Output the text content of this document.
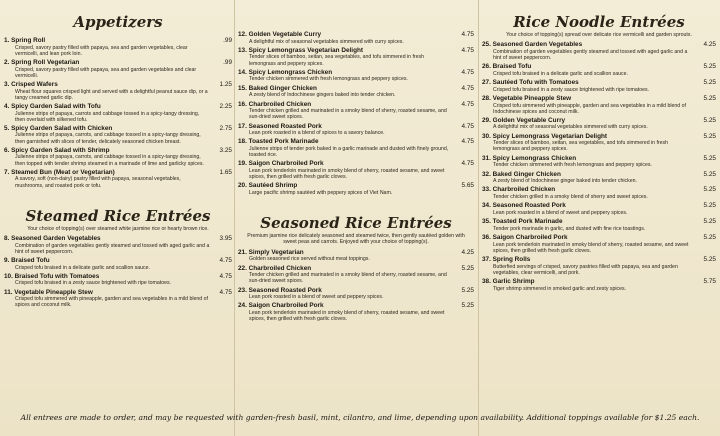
Appetizers
1. Spring Roll	.99
Crisped, savory pastry filled with papaya, sea and garden vegetables, clear vermicelli, and lean pork loin.
2. Spring Roll Vegetarian	.99
Crisped, savory pastry filled with papaya, sea and garden vegetables and clear vermicelli.
3. Crisped Wafers	1.25
Wheat flour squares crisped light and served with a delightful peanut sauce dip, or a tangy creamed garlic dip.
4. Spicy Garden Salad with Tofu	2.25
Julienne strips of papaya, carrots and cabbage tossed in a spicy-tangy dressing, then overlaid with silkened tofu.
5. Spicy Garden Salad with Chicken	2.75
Julienne strips of papaya, carrots, and cabbage tossed in a spicy-tangy dressing, then garnished with slices of tender, delicately seasoned chicken breast.
6. Spicy Garden Salad with Shrimp	3.25
Julienne strips of papaya, carrots, and cabbage tossed in a spicy-tangy dressing, then topped with tender shrimp steamed in a marinade of lime and garlicky spices.
7. Steamed Bun (Meat or Vegetarian)	1.65
A savory, soft (non-dairy) pastry filled with papaya, seasonal vegetables, mushrooms, and roasted pork or tofu.
Steamed Rice Entrées
Your choice of topping(s) over steamed white jasmine rice or hearty brown rice.
8. Seasoned Garden Vegetables	3.95
Combination of garden vegetables gently steamed and tossed with aged garlic and a hint of sweet peppercorn.
9. Braised Tofu	4.75
Crisped tofu braised in a delicate garlic and scallion sauce.
10. Braised Tofu with Tomatoes	4.75
Crisped tofu braised in a zesty sauce brightened with ripe tomatoes.
11. Vegetable Pineapple Stew	4.75
Crisped tofu simmered with pineapple, garden and sea vegetables in a mild blend of spices and coconut milk.
12. Golden Vegetable Curry	4.75
A delightful mix of seasonal vegetables simmered with curry spices.
13. Spicy Lemongrass Vegetarian Delight	4.75
Tender slices of bamboo, seitan, sea vegetables, and tofu simmered in fresh lemongrass and peppery spices.
14. Spicy Lemongrass Chicken	4.75
Tender chicken simmered with fresh lemongrass and peppery spices.
15. Baked Ginger Chicken	4.75
A zesty blend of Indochinese gingers baked into tender chicken.
16. Charbroiled Chicken	4.75
Tender chicken grilled and marinated in a smoky blend of sherry, roasted sesame, and sun-dried sweet spices.
17. Seasoned Roasted Pork	4.75
Lean pork roasted in a blend of spices to a savory balance.
18. Toasted Pork Marinade	4.75
Julienne strips of tender pork baked in a garlic marinade and dusted with finely ground, toasted rice.
19. Saigon Charbroiled Pork	4.75
Lean pork tenderloin marinated in smoky blend of sherry, roasted sesame, and sweet spices, then grilled with fresh garlic cloves.
20. Sautéed Shrimp	5.65
Large pacific shrimp sautéed with peppery spices of Viet Nam.
Seasoned Rice Entrées
Premium jasmine rice delicately seasoned and steamed twice, then gently sautéed golden with sweet peas and carrots. Enjoyed with your choice of topping(s).
21. Simply Vegetarian	4.25
Golden seasoned rice served without meat toppings.
22. Charbroiled Chicken	5.25
Tender chicken grilled and marinated in a smoky blend of sherry, roasted sesame, and sun-dried sweet spices.
23. Seasoned Roasted Pork	5.25
Lean pork roasted in a blend of sweet and peppery spices.
24. Saigon Charbroiled Pork	5.25
Lean pork tenderloin marinated in smoky blend of sherry, roasted sesame, and sweet spices, then grilled with fresh garlic cloves.
Rice Noodle Entrées
Your choice of topping(s) spread over delicate rice vermicelli and garden sprouts.
25. Seasoned Garden Vegetables	4.25
Combination of garden vegetables gently steamed and tossed with aged garlic and a hint of sweet peppercorn.
26. Braised Tofu	5.25
Crisped tofu braised in a delicate garlic and scallion sauce.
27. Sautéed Tofu with Tomatoes	5.25
Crisped tofu braised in a zesty sauce brightened with ripe tomatoes.
28. Vegetable Pineapple Stew	5.25
Crisped tofu simmered with pineapple, garden and sea vegetables in a mild blend of Indochinese spices and coconut milk.
29. Golden Vegetable Curry	5.25
A delightful mix of seasonal vegetables simmered with curry spices.
30. Spicy Lemongrass Vegetarian Delight	5.25
Tender slices of bamboo, seitan, sea vegetables, and tofu simmered in fresh lemongrass and peppery spices.
31. Spicy Lemongrass Chicken	5.25
Tender chicken simmered with fresh lemongrass and peppery spices.
32. Baked Ginger Chicken	5.25
A zesty blend of Indochinese ginger baked into tender chicken.
33. Charbroiled Chicken	5.25
Tender chicken grilled in a smoky blend of sherry and sweet spices.
34. Seasoned Roasted Pork	5.25
Lean pork roasted in a blend of sweet and peppery spices.
35. Toasted Pork Marinade	5.25
Tender pork marinade in garlic, and dusted with fine rice toastings.
36. Saigon Charbroiled Pork	5.25
Lean pork tenderloin marinated in smoky blend of sherry, roasted sesame, and sweet spices, then grilled with fresh garlic cloves.
37. Spring Rolls	5.25
Butterfied servings of crisped, savory pastries filled with papaya, sea and garden vegetables, clear vermicelli, and pork.
38. Garlic Shrimp	5.75
Tiger shrimp simmered in smoked garlic and zesty spices.
All entrees are made to order, and may be requested with garden-fresh basil, mint, cilantro, and lime, depending upon availability. Additional toppings available for $1.25 each.
